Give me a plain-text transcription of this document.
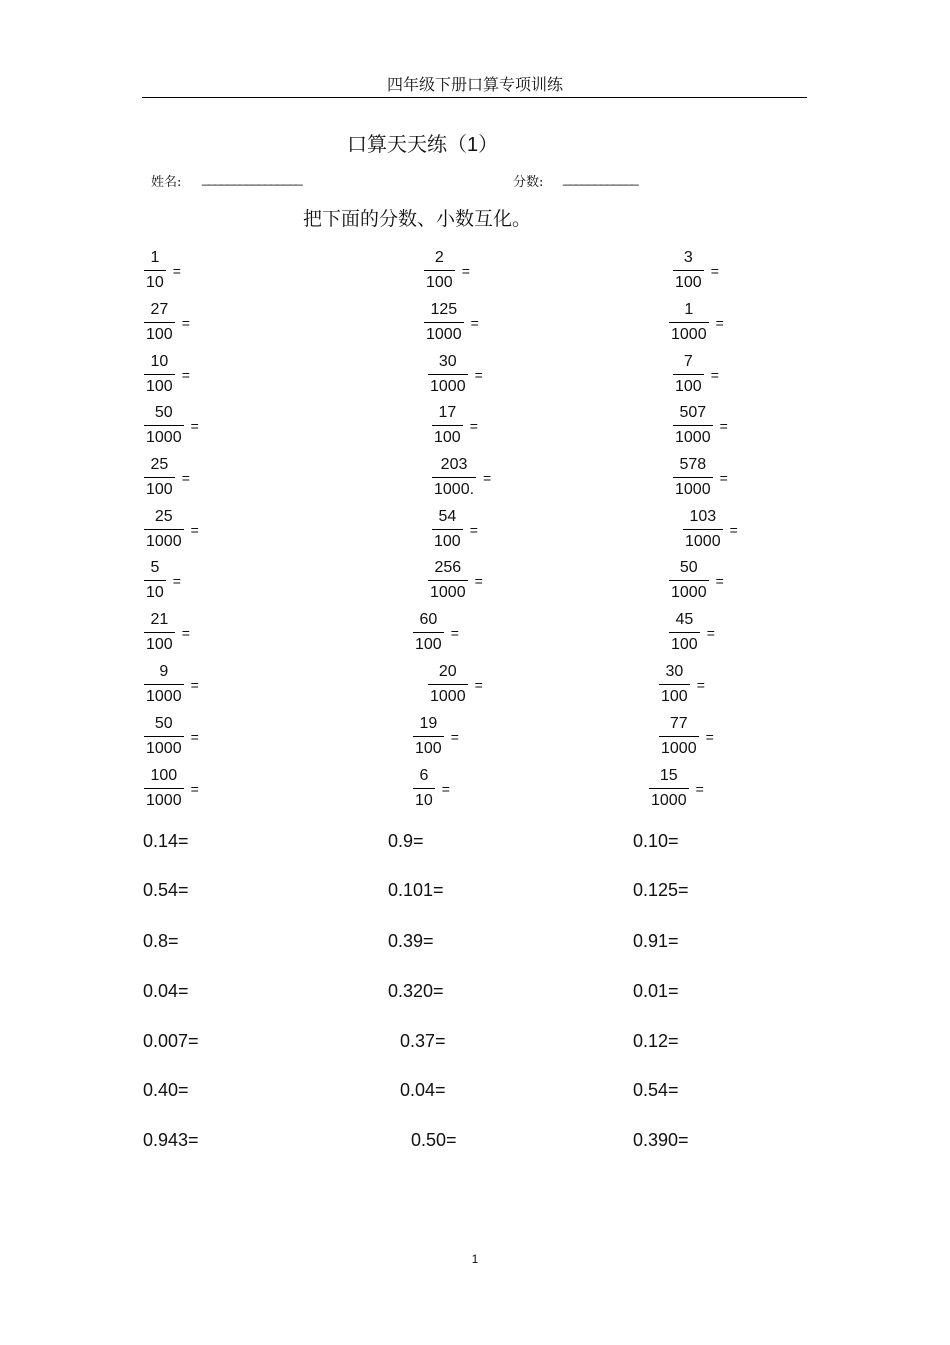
四年级下册口算专项训练
口算天天练（1）
姓名: ________________	分数: ____________
把下面的分数、小数互化。
$\frac{1}{10}$ =	$\frac{2}{100}$ =	$\frac{3}{100}$ =
$\frac{27}{100}$ =	$\frac{125}{1000}$ =	$\frac{1}{1000}$ =
$\frac{10}{100}$ =	$\frac{30}{1000}$ =	$\frac{7}{100}$ =
$\frac{50}{1000}$ =	$\frac{17}{100}$ =	$\frac{507}{1000}$ =
$\frac{25}{100}$ =	$\frac{203}{1000.}$ =	$\frac{578}{1000}$ =
$\frac{25}{1000}$ =	$\frac{54}{100}$ =	$\frac{103}{1000}$ =
$\frac{5}{10}$ =	$\frac{256}{1000}$ =	$\frac{50}{1000}$ =
$\frac{21}{100}$ =	$\frac{60}{100}$ =	$\frac{45}{100}$ =
$\frac{9}{1000}$ =	$\frac{20}{1000}$ =	$\frac{30}{100}$ =
$\frac{50}{1000}$ =	$\frac{19}{100}$ =	$\frac{77}{1000}$ =
$\frac{100}{1000}$ =	$\frac{6}{10}$ =	$\frac{15}{1000}$ =
0.14=	0.9=	0.10=
0.54=	0.101=	0.125=
0.8=	0.39=	0.91=
0.04=	0.320=	0.01=
0.007=	0.37=	0.12=
0.40=	0.04=	0.54=
0.943=	0.50=	0.390=
1
